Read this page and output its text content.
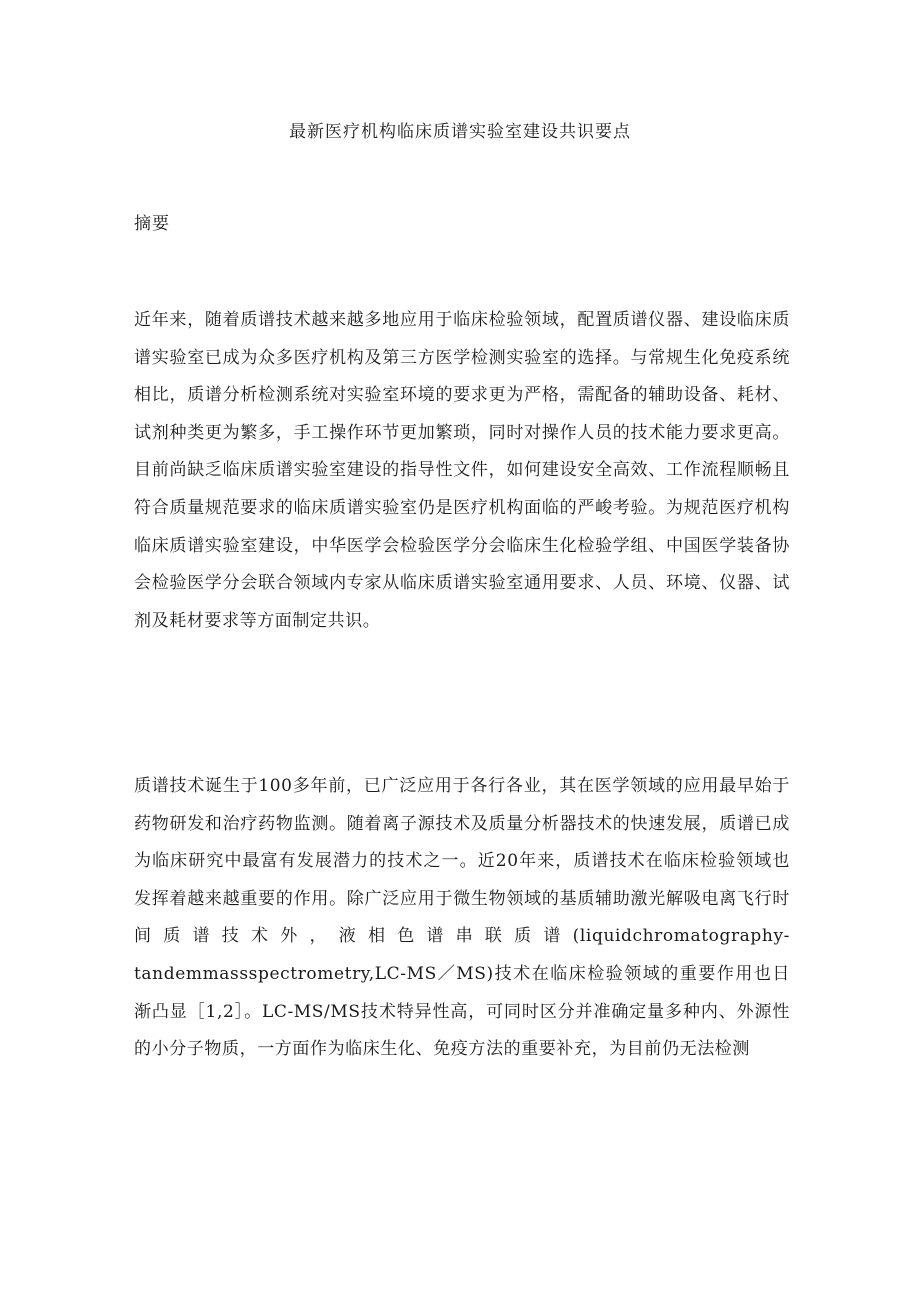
最新医疗机构临床质谱实验室建设共识要点
摘要

近年来，随着质谱技术越来越多地应用于临床检验领域，配置质谱仪器、建设临床质谱实验室已成为众多医疗机构及第三方医学检测实验室的选择。与常规生化免疫系统相比，质谱分析检测系统对实验室环境的要求更为严格，需配备的辅助设备、耗材、试剂种类更为繁多，手工操作环节更加繁琐，同时对操作人员的技术能力要求更高。目前尚缺乏临床质谱实验室建设的指导性文件，如何建设安全高效、工作流程顺畅且符合质量规范要求的临床质谱实验室仍是医疗机构面临的严峻考验。为规范医疗机构临床质谱实验室建设，中华医学会检验医学分会临床生化检验学组、中国医学装备协会检验医学分会联合领域内专家从临床质谱实验室通用要求、人员、环境、仪器、试剂及耗材要求等方面制定共识。

质谱技术诞生于100多年前，已广泛应用于各行各业，其在医学领域的应用最早始于药物研发和治疗药物监测。随着离子源技术及质量分析器技术的快速发展，质谱已成为临床研究中最富有发展潜力的技术之一。近20年来，质谱技术在临床检验领域也发挥着越来越重要的作用。除广泛应用于微生物领域的基质辅助激光解吸电离飞行时间质谱技术外，液相色谱串联质谱(liquidchromatography-tandemmassspectrometry,LC-MS／MS)技术在临床检验领域的重要作用也日渐凸显［1,2］。LC-MS/MS技术特异性高，可同时区分并准确定量多种内、外源性的小分子物质，一方面作为临床生化、免疫方法的重要补充，为目前仍无法检测
